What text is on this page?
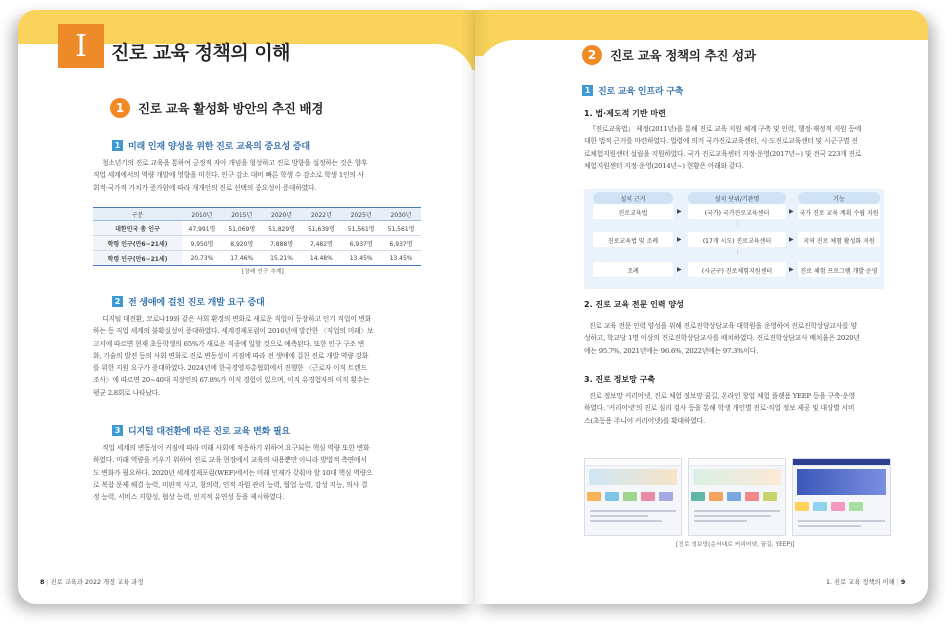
I 진로 교육 정책의 이해
1	진로 교육 활성화 방안의 추진 배경
1 미래 인재 양성을 위한 진로 교육의 중요성 증대
청소년기의 진로 교육을 통하여 긍정적 자아 개념을 형성하고 진로 방향을 설정하는 것은 향후
직업 세계에서의 역량 개발에 영향을 미친다. 인구 감소 대비 빠른 학생 수 감소로 학생 1인의 사
회적·국가적 가치가 증가함에 따라 개개인의 진로 선택의 중요성이 증대하였다.
구분	2010년	2015년	2020년	2022년	2025년	2030년
대한민국 총 인구	47,991명	51,069명	51,829명	51,639명	51,561명	51,561명
학령 인구(만6~21세)	9,950명	8,920명	7,888명	7,482명	6,937명	6,937명
학령 인구(만6~21세)	20.73%	17.46%	15.21%	14.48%	13.45%	13.45%
[장래 인구 추계]
2 전 생애에 걸친 진로 개발 요구 증대
디지털 대전환, 코로나19와 같은 사회 환경의 변화로 새로운 직업이 등장하고 인기 직업이 변화
하는 등 직업 세계의 불확실성이 증대하였다. 세계경제포럼이 2016년에 발간한 〈직업의 미래〉보
고서에 따르면 현재 초등학생의 65%가 새로운 직종에 일할 것으로 예측된다. 또한 인구 구조 변
화, 기술의 발전 등의 사회 변화로 진로 변동성이 커짐에 따라 전 생애에 걸친 진로 개발 역량 강화
를 위한 지원 요구가 증대하였다. 2024년에 한국경영자총협회에서 진행한 〈근로자 이직 트렌드
조사〉에 따르면 20~40대 직장인의 67.8%가 이직 경험이 있으며, 이직 유경험자의 이직 횟수는
평균 2.8회로 나타났다.
3 디지털 대전환에 따른 진로 교육 변화 필요
직업 세계의 변동성이 커짐에 따라 미래 사회에 적응하기 위하여 요구되는 핵심 역량 또한 변화
하였다. 미래 역량을 키우기 위하여 진로 교육 현장에서 교육의 내용뿐만 아니라 방법적 측면에서
도 변화가 필요하다. 2020년 세계경제포럼(WEF)에서는 미래 인재가 갖춰야 할 10대 핵심 역량으
로 복잡 문제 해결 능력, 비판적 사고, 창의력, 인적 자원 관리 능력, 협업 능력, 감성 지능, 의사 결
정 능력, 서비스 지향성, 협상 능력, 인지적 유연성 등을 제시하였다.
8 | 진로 교육과 2022 개정 교육 과정
2	진로 교육 정책의 추진 성과
1 진로 교육 인프라 구축
1. 법·제도적 기반 마련
『진로교육법』 제정(2011년)을 통해 진로 교육 지원 체계 구축 및 인력, 행정·재정적 지원 등에
대한 법적 근거를 마련하였다. 법령에 의거 국가진로교육센터, 시·도진로교육센터 및 시군구별 진
로체험지원센터 설립을 지원하였다. 국가 진로교육센터 지정·운영(2017년~) 및 전국 223개 진로
체험지원센터 지정·운영(2014년~) 현황은 아래와 같다.
설치 근거	설치 단위/기관명	기능
진로교육법	(국가) 국가진로교육센터	국가 진로 교육 계획 수립 지원
진로교육법 및 조례	(17개 시도) 진로교육센터	지역 진로 체험 활성화 지원
조례	(시군구) 진로체험지원센터	진로 체험 프로그램 개발·운영
▶	▶
▶	▶
▶	▶
⋮
⋮
2. 진로 교육 전문 인력 양성
진로 교육 전문 인력 양성을 위해 진로진학상담교육 대학원을 운영하여 진로진학상담교사를 양
성하고, 학교당 1명 이상의 진로진학상담교사를 배치하였다. 진로진학상담교사 배치율은 2020년
에는 95.7%, 2021년에는 96.6%, 2022년에는 97.3%이다.
3. 진로 정보망 구축
진로 정보망 커리어넷, 진로 체험 정보망 꿈길, 온라인 창업 체험 플랫폼 YEEP 등을 구축·운영
하였다. '커리어넷'의 진로 심리 검사 등을 통해 학생 개인별 진로·직업 정보 제공 및 대상별 서비
스(초등용 주니어 커리어넷)를 확대하였다.
[진로 정보망(순서대로 커리어넷, 꿈길, YEEP)]
1. 진로 교육 정책의 이해 | 9
